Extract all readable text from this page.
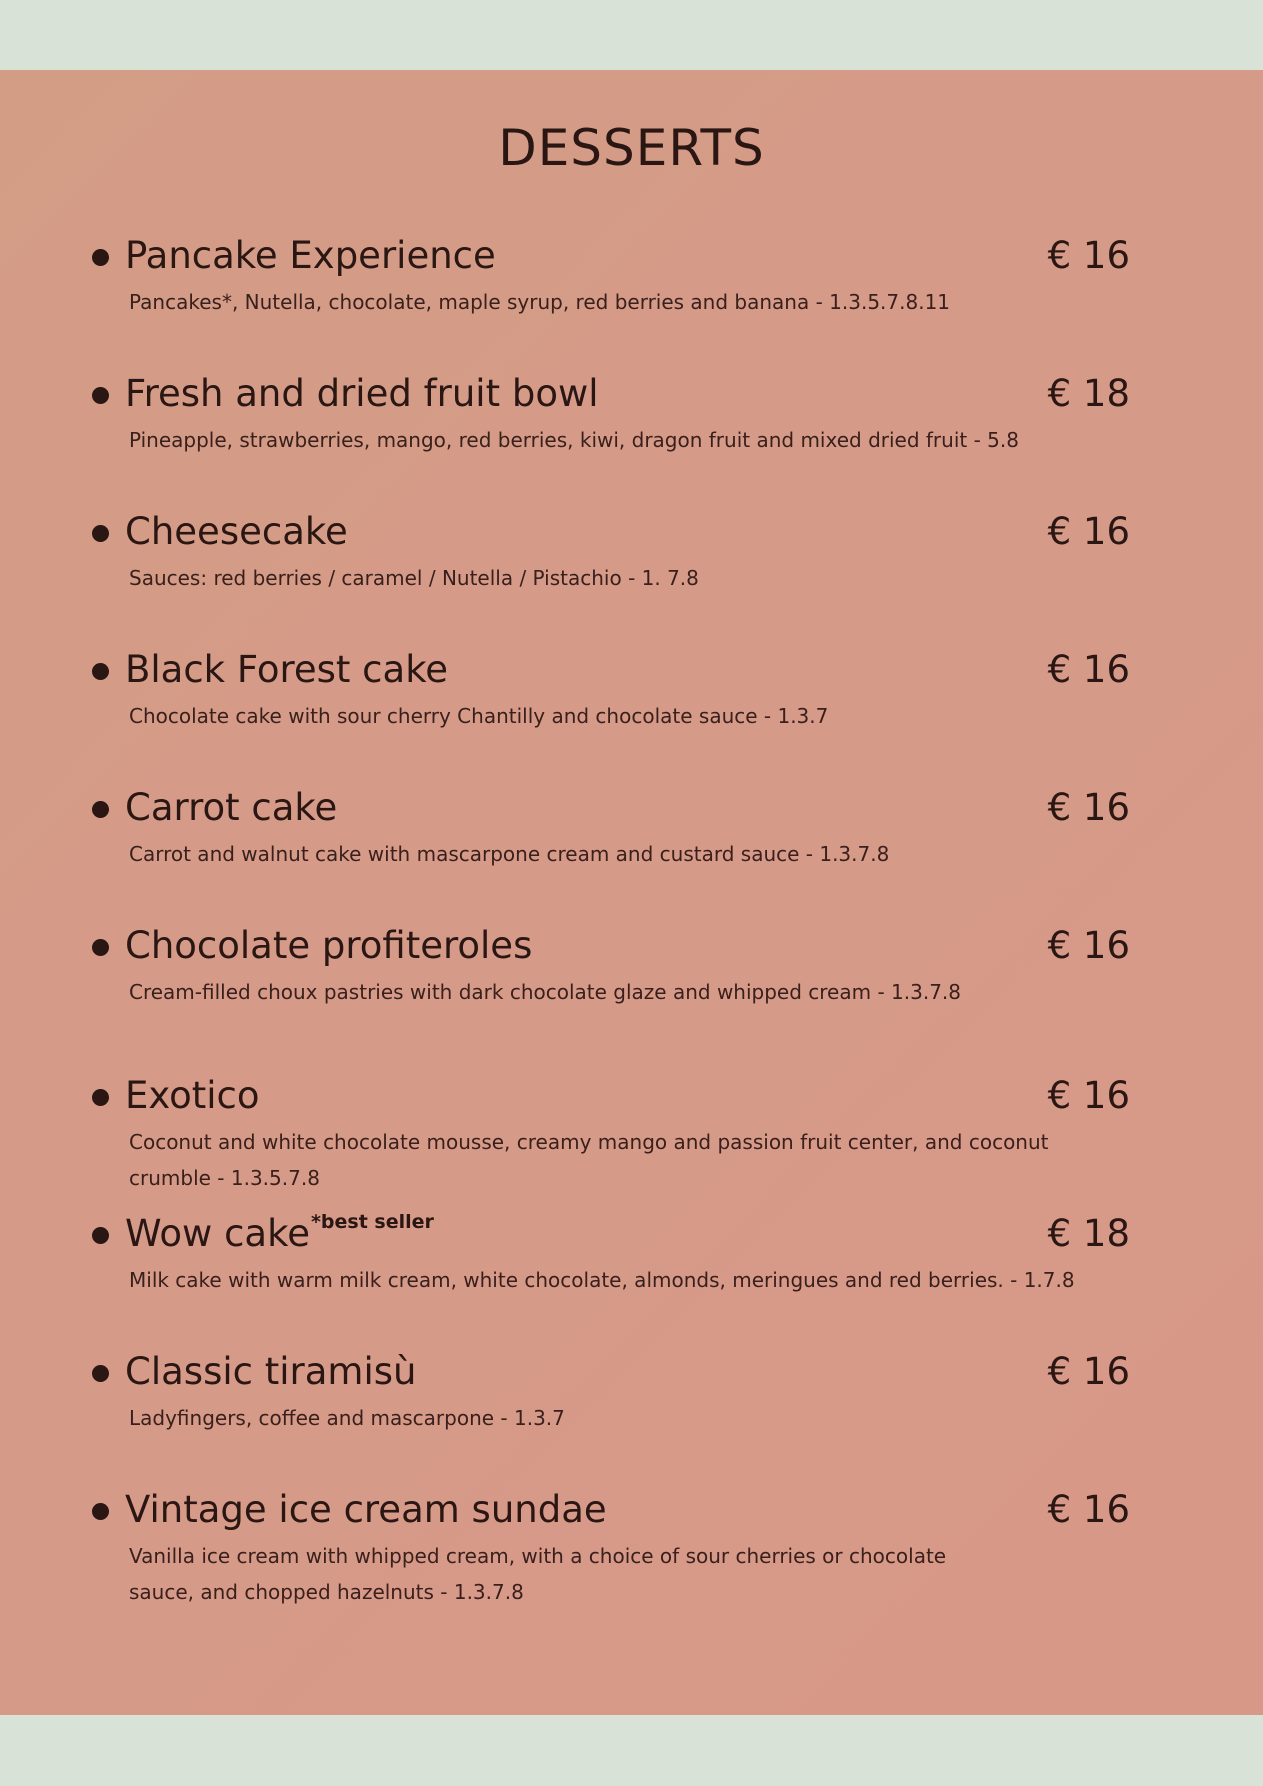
DESSERTS
Pancake Experience	€ 16

Pancakes*, Nutella, chocolate, maple syrup, red berries and banana - 1.3.5.7.8.11

Fresh and dried fruit bowl	€ 18

Pineapple, strawberries, mango, red berries, kiwi, dragon fruit and mixed dried fruit - 5.8

Cheesecake	€ 16

Sauces: red berries / caramel / Nutella / Pistachio - 1. 7.8

Black Forest cake	€ 16

Chocolate cake with sour cherry Chantilly and chocolate sauce - 1.3.7

Carrot cake	€ 16

Carrot and walnut cake with mascarpone cream and custard sauce - 1.3.7.8

Chocolate profiteroles	€ 16

Cream-filled choux pastries with dark chocolate glaze and whipped cream - 1.3.7.8

Exotico	€ 16

Coconut and white chocolate mousse, creamy mango and passion fruit center, and coconut crumble - 1.3.5.7.8

Wow cake$^{*best seller}$	€ 18

Milk cake with warm milk cream, white chocolate, almonds, meringues and red berries. - 1.7.8

Classic tiramisù	€ 16

Ladyfingers, coffee and mascarpone - 1.3.7

Vintage ice cream sundae	€ 16

Vanilla ice cream with whipped cream, with a choice of sour cherries or chocolate sauce, and chopped hazelnuts - 1.3.7.8
